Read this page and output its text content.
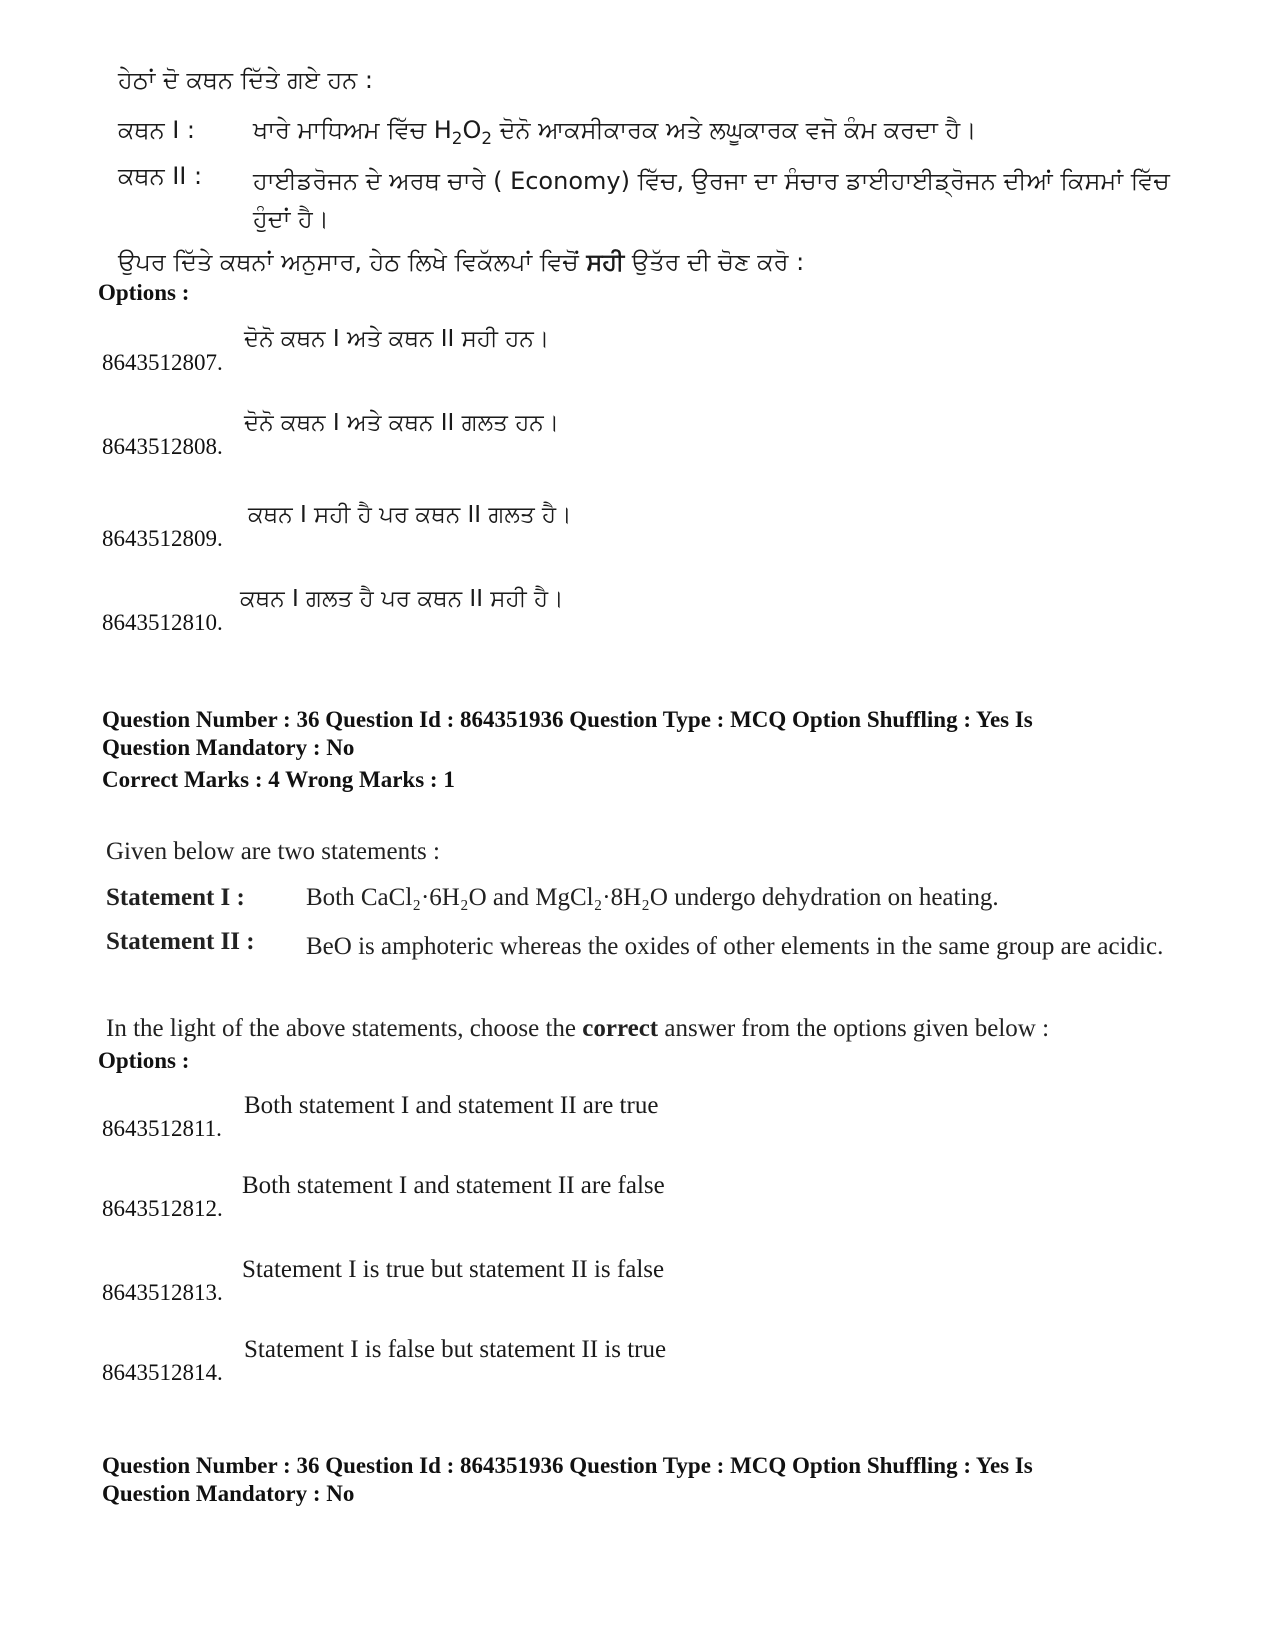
ਹੇਠਾਂ ਦੋ ਕਥਨ ਦਿੱਤੇ ਗਏ ਹਨ :
ਕਥਨ I : ਖਾਰੇ ਮਾਧਿਅਮ ਵਿੱਚ $H_2O_2$ ਦੋਨੋ ਆਕਸੀਕਾਰਕ ਅਤੇ ਲਘੂਕਾਰਕ ਵਜੋ ਕੰਮ ਕਰਦਾ ਹੈ।
ਕਥਨ II : ਹਾਈਡਰੋਜਨ ਦੇ ਅਰਥ ਚਾਰੇ ( Economy) ਵਿੱਚ, ਉਰਜਾ ਦਾ ਸੰਚਾਰ ਡਾਈਹਾਈਡ੍ਰੋਜਨ ਦੀਆਂ ਕਿਸਮਾਂ ਵਿੱਚ ਹੁੰਦਾਂ ਹੈ।
ਉਪਰ ਦਿੱਤੇ ਕਥਨਾਂ ਅਨੁਸਾਰ, ਹੇਠ ਲਿਖੇ ਵਿਕੱਲਪਾਂ ਵਿਚੋਂ ਸਹੀ ਉਤੱਰ ਦੀ ਚੋਣ ਕਰੋ :
Options :
8643512807.
ਦੋਨੋ ਕਥਨ I ਅਤੇ ਕਥਨ II ਸਹੀ ਹਨ।
8643512808.
ਦੋਨੋ ਕਥਨ I ਅਤੇ ਕਥਨ II ਗਲਤ ਹਨ।
8643512809.
ਕਥਨ I ਸਹੀ ਹੈ ਪਰ ਕਥਨ II ਗਲਤ ਹੈ।
8643512810.
ਕਥਨ I ਗਲਤ ਹੈ ਪਰ ਕਥਨ II ਸਹੀ ਹੈ।
Question Number : 36 Question Id : 864351936 Question Type : MCQ Option Shuffling : Yes Is
Question Mandatory : No
Correct Marks : 4 Wrong Marks : 1
Given below are two statements :
Statement I : Both CaCl₂·6H₂O and MgCl₂·8H₂O undergo dehydration on heating.
Statement II : BeO is amphoteric whereas the oxides of other elements in the same group are acidic.
In the light of the above statements, choose the correct answer from the options given below :
Options :
8643512811.
Both statement I and statement II are true
8643512812.
Both statement I and statement II are false
8643512813.
Statement I is true but statement II is false
8643512814.
Statement I is false but statement II is true
Question Number : 36 Question Id : 864351936 Question Type : MCQ Option Shuffling : Yes Is
Question Mandatory : No
